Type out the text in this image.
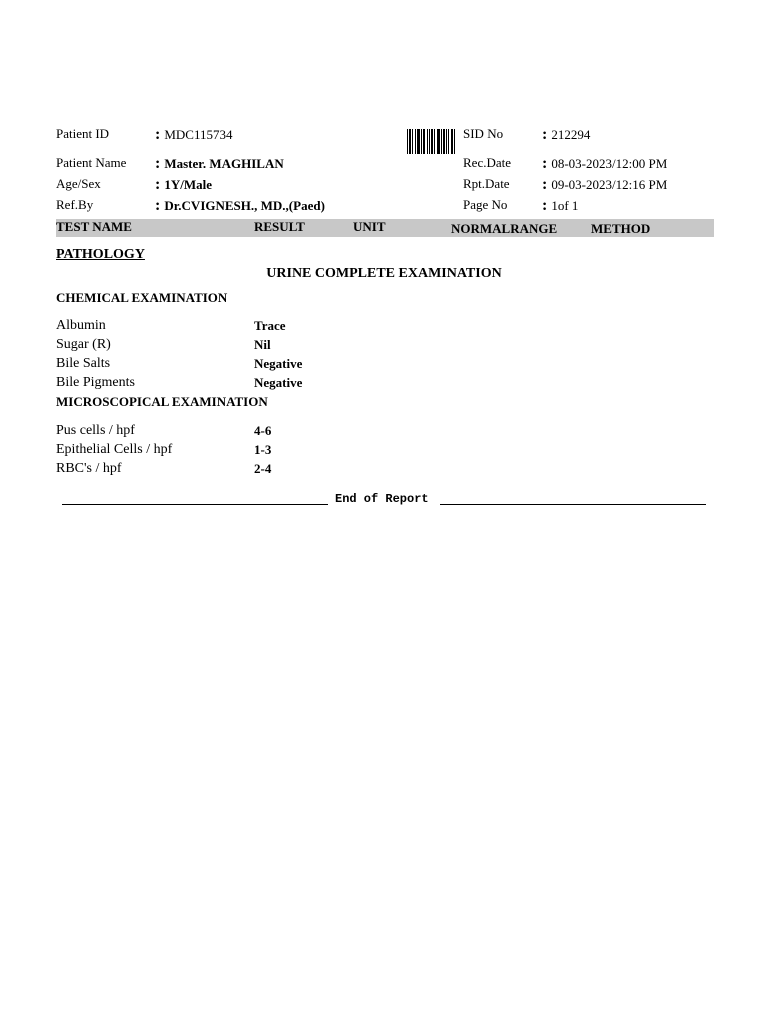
Patient ID	: MDC115734
Patient Name : Master. MAGHILAN
Age/Sex	: 1Y/Male
Ref.By	: Dr.CVIGNESH., MD.,(Paed)
SID No : 212294
Rec.Date : 08-03-2023/12:00 PM
Rpt.Date : 09-03-2023/12:16 PM
Page No : 1of 1
TEST NAME	RESULT	UNIT	NORMALRANGE	METHOD
PATHOLOGY
URINE COMPLETE EXAMINATION
CHEMICAL EXAMINATION
Albumin	Trace
Sugar (R)	Nil
Bile Salts	Negative
Bile Pigments	Negative
MICROSCOPICAL EXAMINATION
Pus cells / hpf	4-6
Epithelial Cells / hpf	1-3
RBC's / hpf	2-4
End of Report
